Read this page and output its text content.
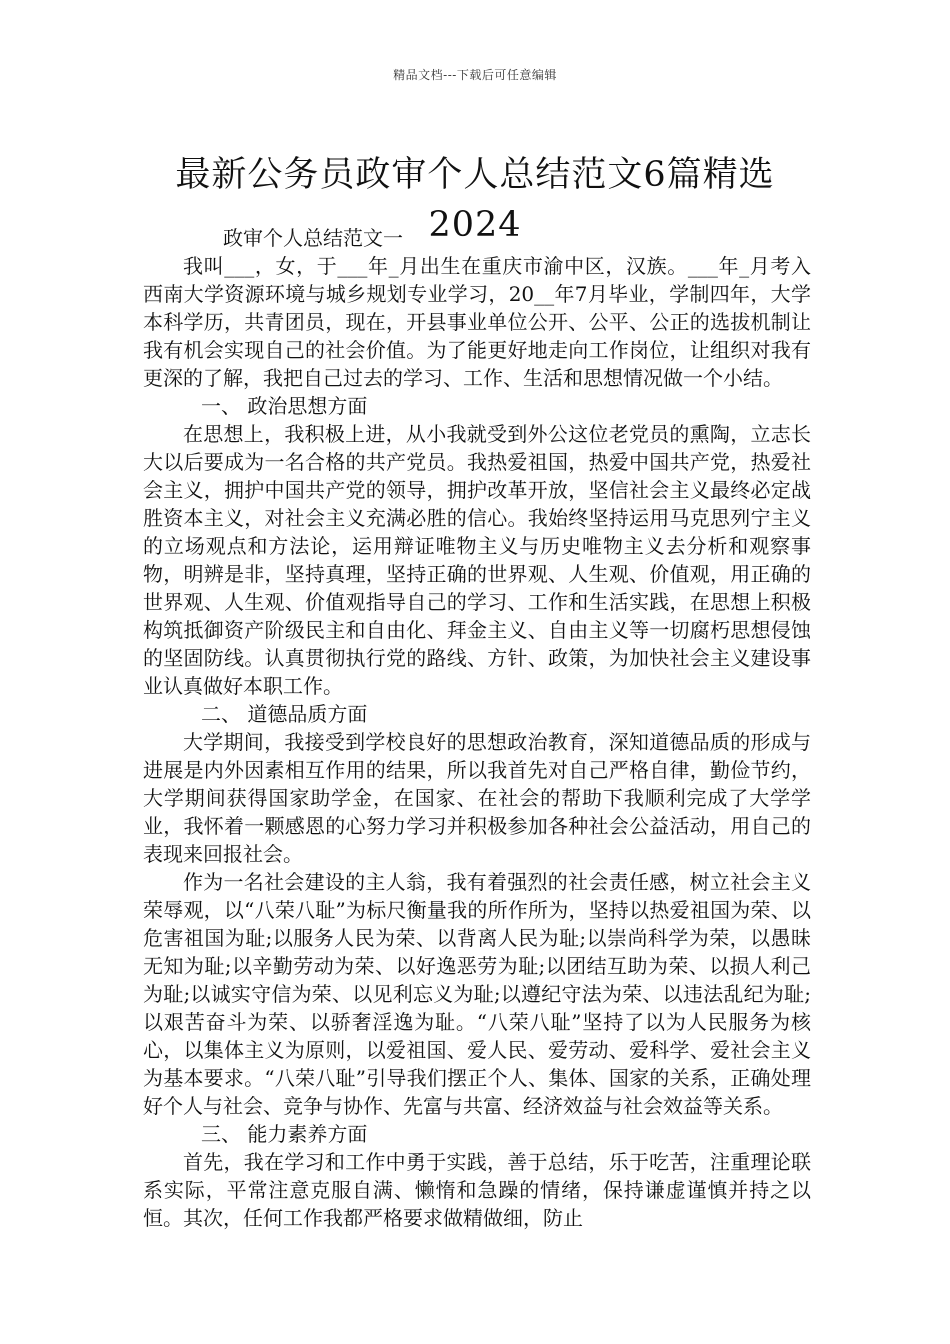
精品文档---下载后可任意编辑
最新公务员政审个人总结范文6篇精选2024

政审个人总结范文一

我叫___，女，于___年_月出生在重庆市渝中区，汉族。___年_月考入西南大学资源环境与城乡规划专业学习，20__年7月毕业，学制四年，大学本科学历，共青团员，现在，开县事业单位公开、公平、公正的选拔机制让我有机会实现自己的社会价值。为了能更好地走向工作岗位，让组织对我有更深的了解，我把自己过去的学习、工作、生活和思想情况做一个小结。

一、 政治思想方面

在思想上，我积极上进，从小我就受到外公这位老党员的熏陶，立志长大以后要成为一名合格的共产党员。我热爱祖国，热爱中国共产党，热爱社会主义，拥护中国共产党的领导，拥护改革开放，坚信社会主义最终必定战胜资本主义，对社会主义充满必胜的信心。我始终坚持运用马克思列宁主义的立场观点和方法论，运用辩证唯物主义与历史唯物主义去分析和观察事物，明辨是非，坚持真理，坚持正确的世界观、人生观、价值观，用正确的世界观、人生观、价值观指导自己的学习、工作和生活实践，在思想上积极构筑抵御资产阶级民主和自由化、拜金主义、自由主义等一切腐朽思想侵蚀的坚固防线。认真贯彻执行党的路线、方针、政策，为加快社会主义建设事业认真做好本职工作。

二、 道德品质方面

大学期间，我接受到学校良好的思想政治教育，深知道德品质的形成与进展是内外因素相互作用的结果，所以我首先对自己严格自律，勤俭节约，大学期间获得国家助学金，在国家、在社会的帮助下我顺利完成了大学学业，我怀着一颗感恩的心努力学习并积极参加各种社会公益活动，用自己的表现来回报社会。

作为一名社会建设的主人翁，我有着强烈的社会责任感，树立社会主义荣辱观，以“八荣八耻”为标尺衡量我的所作所为，坚持以热爱祖国为荣、以危害祖国为耻;以服务人民为荣、以背离人民为耻;以崇尚科学为荣，以愚昧无知为耻;以辛勤劳动为荣、以好逸恶劳为耻;以团结互助为荣、以损人利己为耻;以诚实守信为荣、以见利忘义为耻;以遵纪守法为荣、以违法乱纪为耻;以艰苦奋斗为荣、以骄奢淫逸为耻。“八荣八耻”坚持了以为人民服务为核心，以集体主义为原则，以爱祖国、爱人民、爱劳动、爱科学、爱社会主义为基本要求。“八荣八耻”引导我们摆正个人、集体、国家的关系，正确处理好个人与社会、竞争与协作、先富与共富、经济效益与社会效益等关系。

三、 能力素养方面

首先，我在学习和工作中勇于实践，善于总结，乐于吃苦，注重理论联系实际，平常注意克服自满、懒惰和急躁的情绪，保持谦虚谨慎并持之以恒。其次，任何工作我都严格要求做精做细，防止
